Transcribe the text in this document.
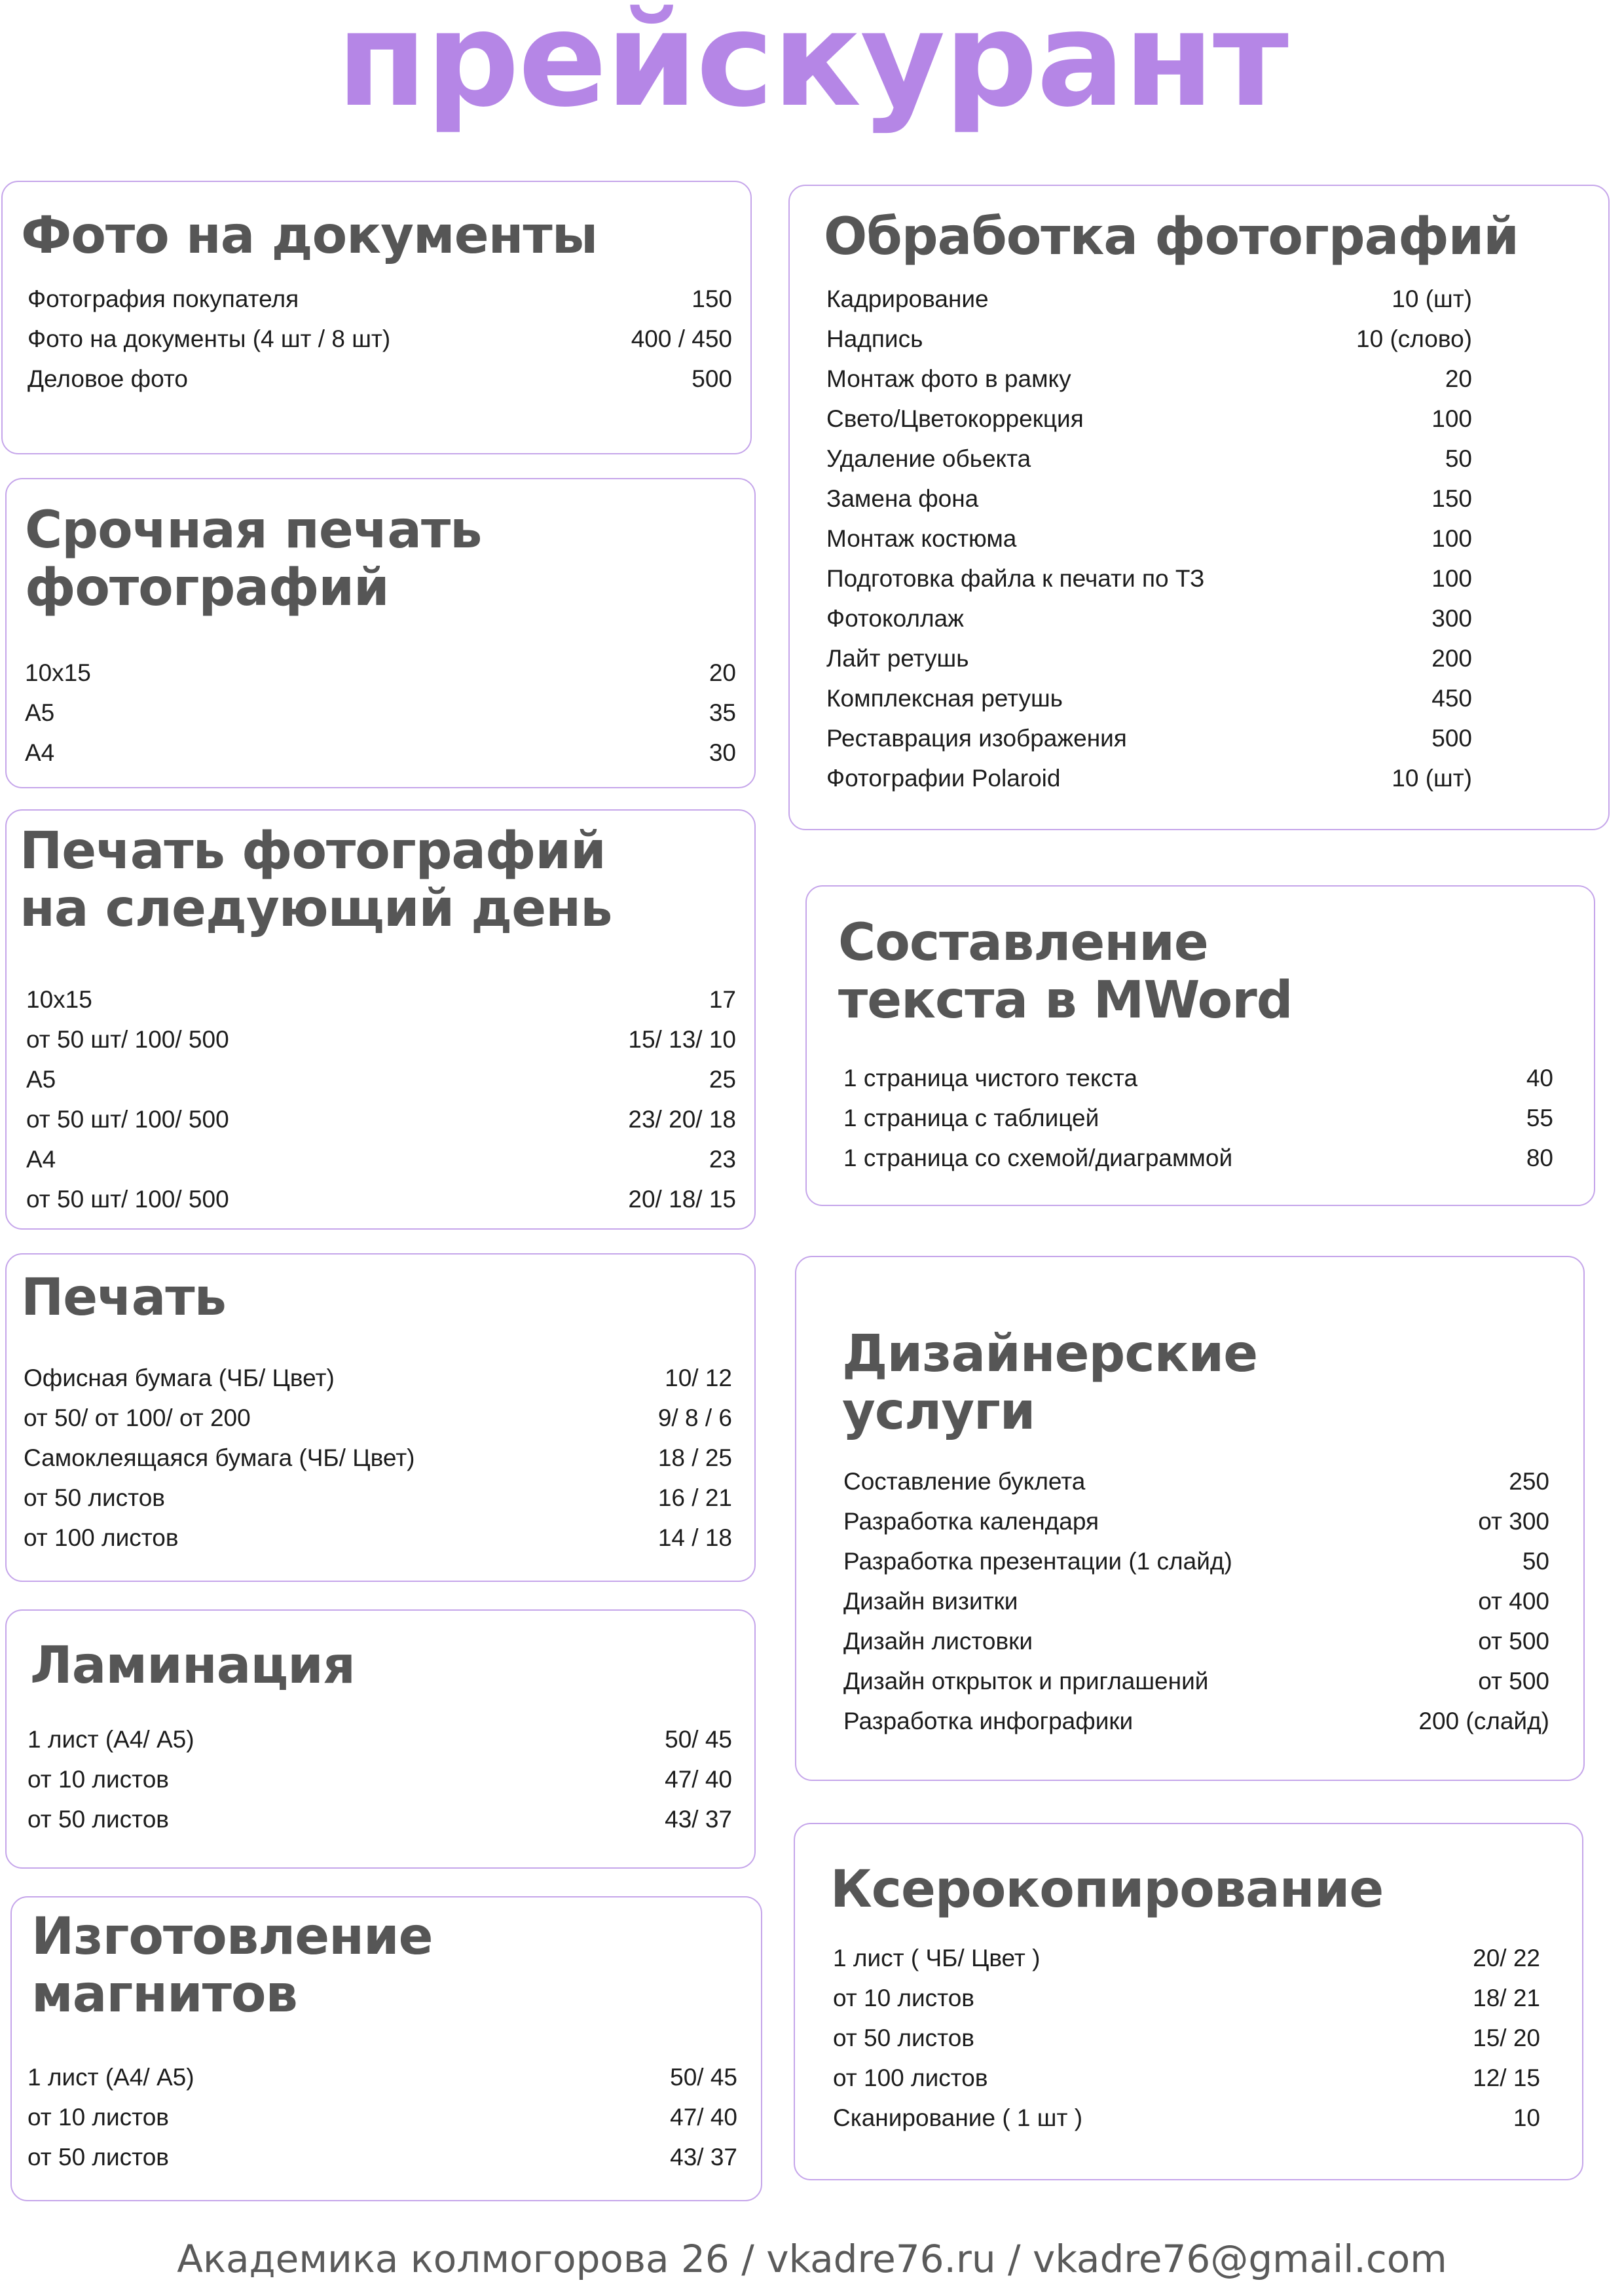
прейскурант
Фото на документы
Фотография покупателя	150
Фото на документы (4 шт / 8 шт)	400 / 450
Деловое фото	500
Срочная печать
фотографий
10х15	20
А5	35
А4	30
Печать фотографий
на следующий день
10х15	17
от 50 шт/ 100/ 500	15/ 13/ 10
А5	25
от 50 шт/ 100/ 500	23/ 20/ 18
А4	23
от 50 шт/ 100/ 500	20/ 18/ 15
Печать
Офисная бумага (ЧБ/ Цвет)	10/ 12
от 50/ от 100/ от 200	9/ 8 / 6
Самоклеящаяся бумага (ЧБ/ Цвет)	18 / 25
от 50 листов	16 / 21
от 100 листов	14 / 18
Ламинация
1 лист (А4/ А5)	50/ 45
от 10 листов	47/ 40
от 50 листов	43/ 37
Изготовление
магнитов
1 лист (А4/ А5)	50/ 45
от 10 листов	47/ 40
от 50 листов	43/ 37
Обработка фотографий
Кадрирование	10 (шт)
Надпись	10 (слово)
Монтаж фото в рамку	20
Свето/Цветокоррекция	100
Удаление обьекта	50
Замена фона	150
Монтаж костюма	100
Подготовка файла к печати по ТЗ	100
Фотоколлаж	300
Лайт ретушь	200
Комплексная ретушь	450
Реставрация изображения	500
Фотографии Polaroid	10 (шт)
Составление
текста в MWord
1 страница чистого текста	40
1 страница с таблицей	55
1 страница со схемой/диаграммой	80
Дизайнерские
услуги
Составление буклета	250
Разработка календаря	от 300
Разработка презентации (1 слайд)	50
Дизайн визитки	от 400
Дизайн листовки	от 500
Дизайн открыток и приглашений	от 500
Разработка инфографики	200 (слайд)
Ксерокопирование
1 лист ( ЧБ/ Цвет )	20/ 22
от 10 листов	18/ 21
от 50 листов	15/ 20
от 100 листов	12/ 15
Сканирование ( 1 шт )	10
Академика колмогорова 26 / vkadre76.ru / vkadre76@gmail.com
